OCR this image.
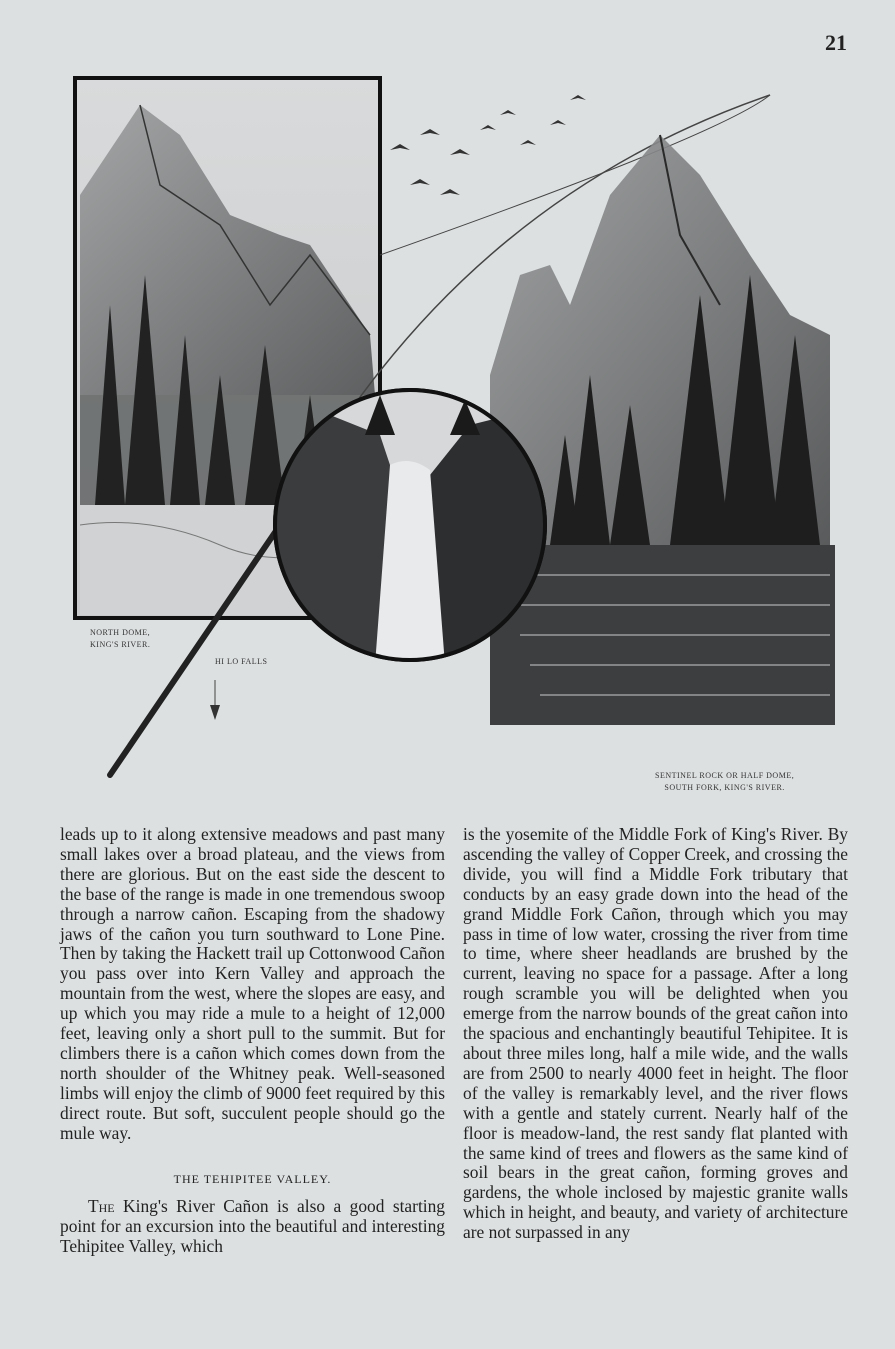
21
NORTH DOME,
KING'S RIVER.
HI LO FALLS
SENTINEL ROCK OR HALF DOME,
SOUTH FORK, KING'S RIVER.

leads up to it along extensive meadows and past many small lakes over a broad plateau, and the views from there are glorious. But on the east side the descent to the base of the range is made in one tremendous swoop through a narrow cañon. Escaping from the shadowy jaws of the cañon you turn southward to Lone Pine. Then by taking the Hackett trail up Cottonwood Cañon you pass over into Kern Valley and approach the mountain from the west, where the slopes are easy, and up which you may ride a mule to a height of 12,000 feet, leaving only a short pull to the summit. But for climbers there is a cañon which comes down from the north shoulder of the Whitney peak. Well-seasoned limbs will enjoy the climb of 9000 feet required by this direct route. But soft, succulent people should go the mule way.

THE TEHIPITEE VALLEY.

The King's River Cañon is also a good starting point for an excursion into the beautiful and interesting Tehipitee Valley, which

is the yosemite of the Middle Fork of King's River. By ascending the valley of Copper Creek, and crossing the divide, you will find a Middle Fork tributary that conducts by an easy grade down into the head of the grand Middle Fork Cañon, through which you may pass in time of low water, crossing the river from time to time, where sheer headlands are brushed by the current, leaving no space for a passage. After a long rough scramble you will be delighted when you emerge from the narrow bounds of the great cañon into the spacious and enchantingly beautiful Tehipitee. It is about three miles long, half a mile wide, and the walls are from 2500 to nearly 4000 feet in height. The floor of the valley is remarkably level, and the river flows with a gentle and stately current. Nearly half of the floor is meadow-land, the rest sandy flat planted with the same kind of trees and flowers as the same kind of soil bears in the great cañon, forming groves and gardens, the whole inclosed by majestic granite walls which in height, and beauty, and variety of architecture are not surpassed in any
